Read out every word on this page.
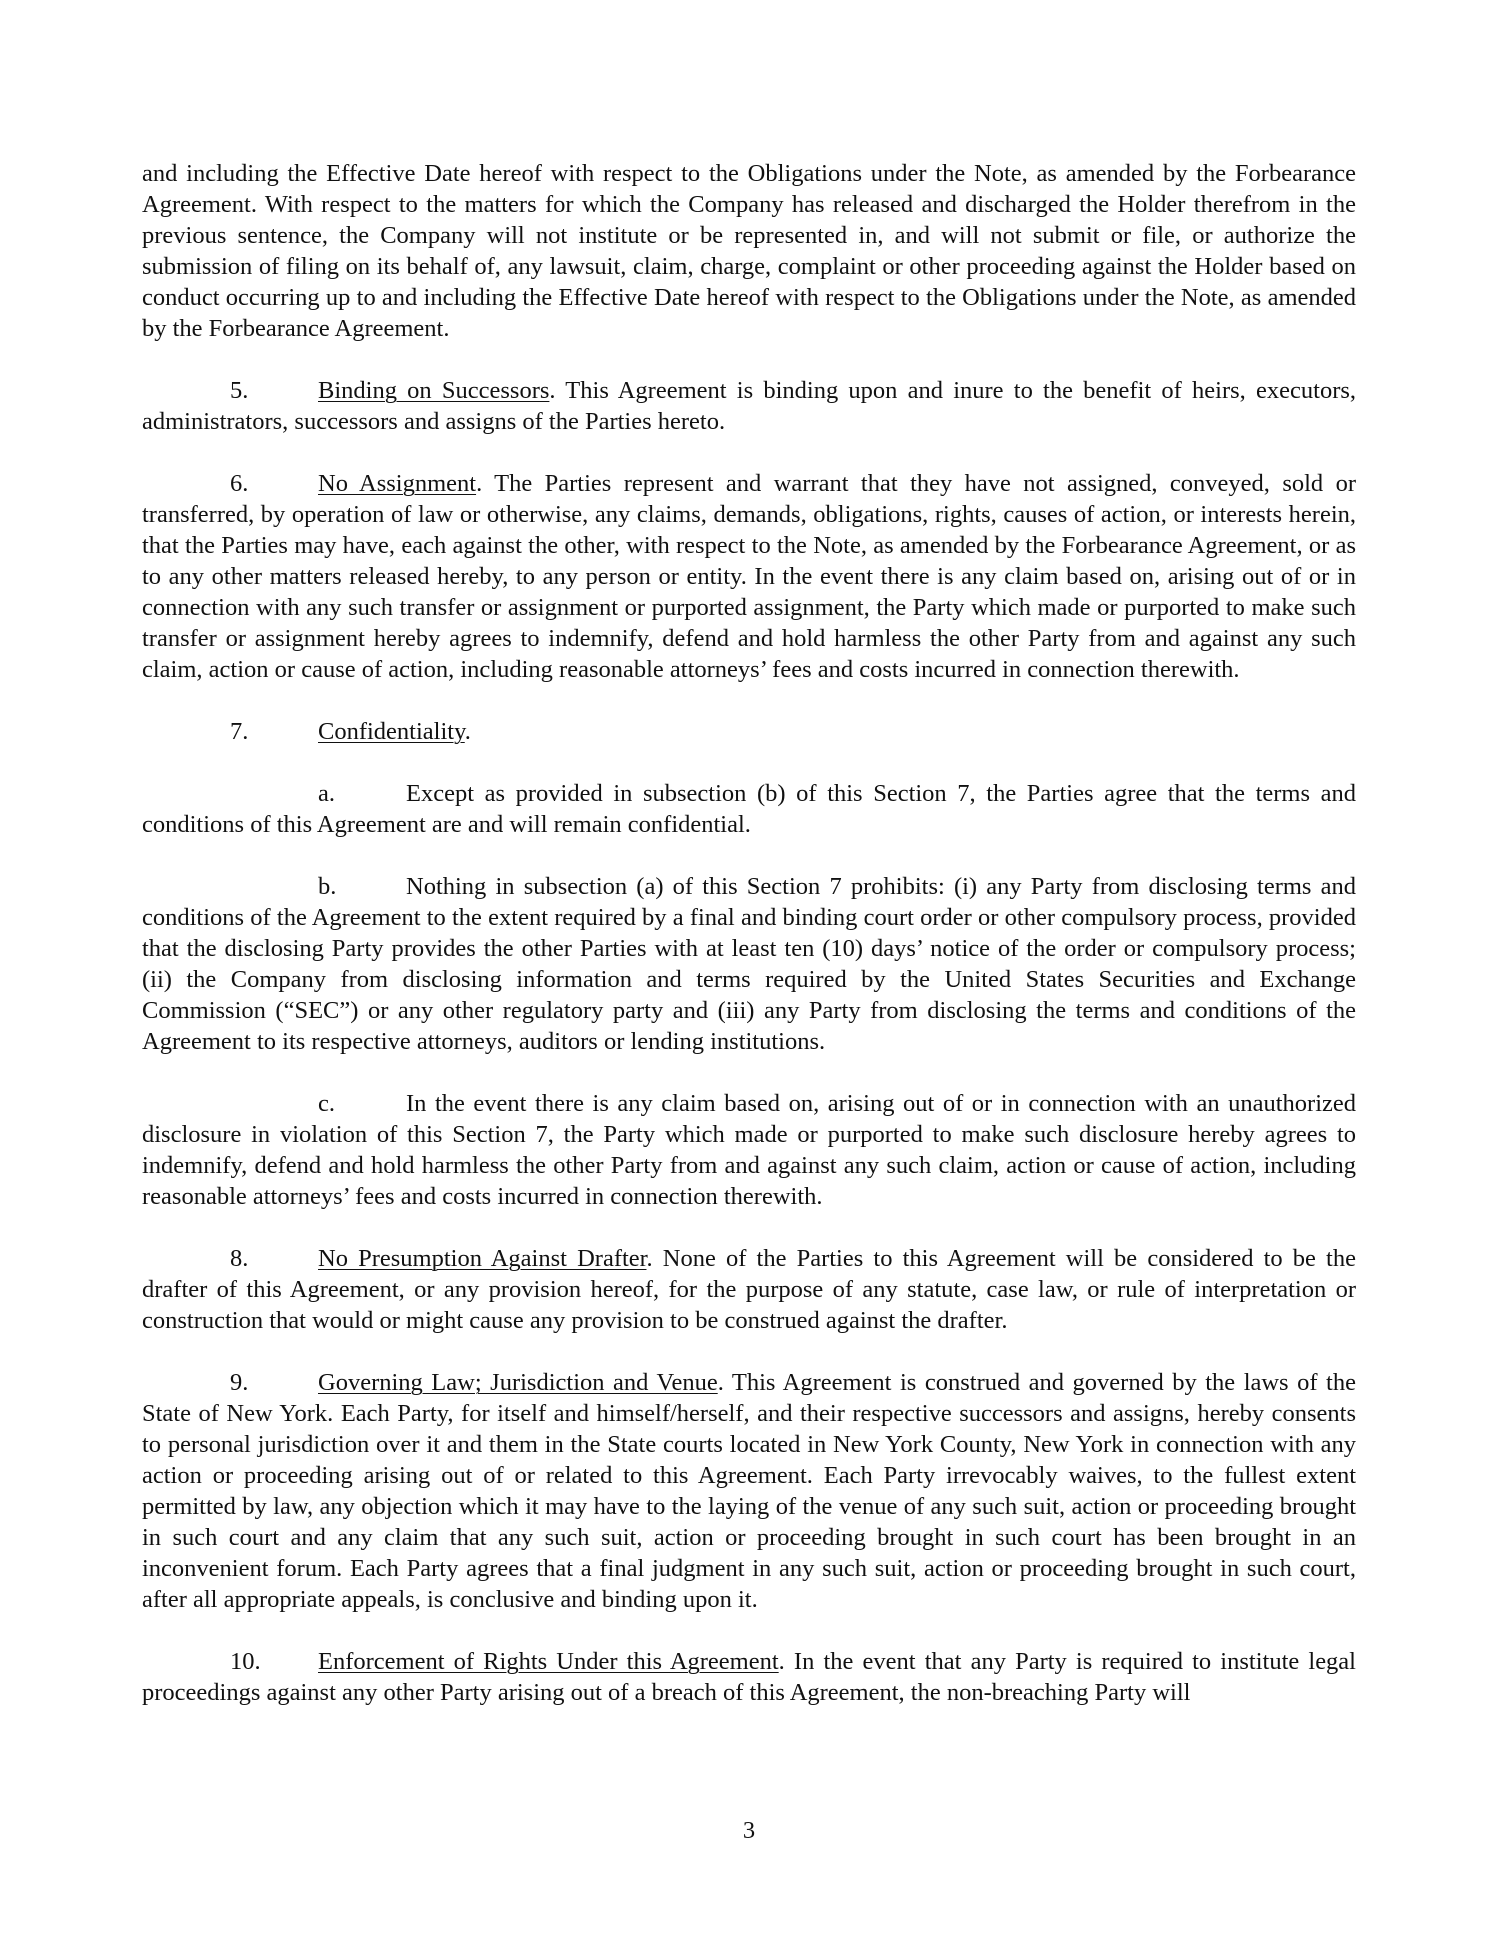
and including the Effective Date hereof with respect to the Obligations under the Note, as amended by the Forbearance Agreement. With respect to the matters for which the Company has released and discharged the Holder therefrom in the previous sentence, the Company will not institute or be represented in, and will not submit or file, or authorize the submission of filing on its behalf of, any lawsuit, claim, charge, complaint or other proceeding against the Holder based on conduct occurring up to and including the Effective Date hereof with respect to the Obligations under the Note, as amended by the Forbearance Agreement.

5.	Binding on Successors. This Agreement is binding upon and inure to the benefit of heirs, executors, administrators, successors and assigns of the Parties hereto.

6.	No Assignment. The Parties represent and warrant that they have not assigned, conveyed, sold or transferred, by operation of law or otherwise, any claims, demands, obligations, rights, causes of action, or interests herein, that the Parties may have, each against the other, with respect to the Note, as amended by the Forbearance Agreement, or as to any other matters released hereby, to any person or entity. In the event there is any claim based on, arising out of or in connection with any such transfer or assignment or purported assignment, the Party which made or purported to make such transfer or assignment hereby agrees to indemnify, defend and hold harmless the other Party from and against any such claim, action or cause of action, including reasonable attorneys’ fees and costs incurred in connection therewith.

7.	Confidentiality.

a.	Except as provided in subsection (b) of this Section 7, the Parties agree that the terms and conditions of this Agreement are and will remain confidential.

b.	Nothing in subsection (a) of this Section 7 prohibits: (i) any Party from disclosing terms and conditions of the Agreement to the extent required by a final and binding court order or other compulsory process, provided that the disclosing Party provides the other Parties with at least ten (10) days’ notice of the order or compulsory process; (ii) the Company from disclosing information and terms required by the United States Securities and Exchange Commission (“SEC”) or any other regulatory party and (iii) any Party from disclosing the terms and conditions of the Agreement to its respective attorneys, auditors or lending institutions.

c.	In the event there is any claim based on, arising out of or in connection with an unauthorized disclosure in violation of this Section 7, the Party which made or purported to make such disclosure hereby agrees to indemnify, defend and hold harmless the other Party from and against any such claim, action or cause of action, including reasonable attorneys’ fees and costs incurred in connection therewith.

8.	No Presumption Against Drafter. None of the Parties to this Agreement will be considered to be the drafter of this Agreement, or any provision hereof, for the purpose of any statute, case law, or rule of interpretation or construction that would or might cause any provision to be construed against the drafter.

9.	Governing Law; Jurisdiction and Venue. This Agreement is construed and governed by the laws of the State of New York. Each Party, for itself and himself/herself, and their respective successors and assigns, hereby consents to personal jurisdiction over it and them in the State courts located in New York County, New York in connection with any action or proceeding arising out of or related to this Agreement. Each Party irrevocably waives, to the fullest extent permitted by law, any objection which it may have to the laying of the venue of any such suit, action or proceeding brought in such court and any claim that any such suit, action or proceeding brought in such court has been brought in an inconvenient forum. Each Party agrees that a final judgment in any such suit, action or proceeding brought in such court, after all appropriate appeals, is conclusive and binding upon it.

10. Enforcement of Rights Under this Agreement. In the event that any Party is required to institute legal proceedings against any other Party arising out of a breach of this Agreement, the non-breaching Party will

3
